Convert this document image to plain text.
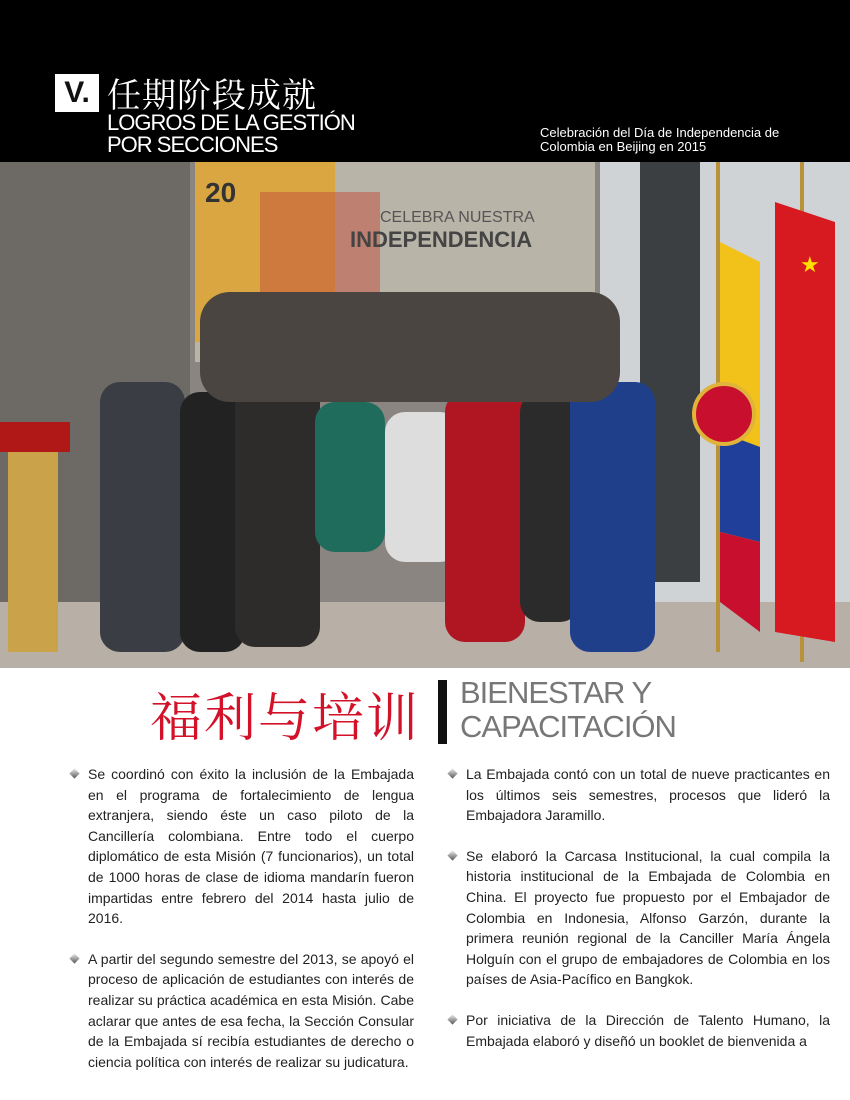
V. 任期阶段成就
LOGROS DE LA GESTIÓN
POR SECCIONES	Celebración del Día de Independencia de
Colombia en Beijing en 2015
CELEBRA NUESTRA
INDEPENDENCIA
20
★
福利与培训 BIENESTAR Y
CAPACITACIÓN
Se coordinó con éxito la inclusión de la Embajada en el programa de fortalecimiento de lengua extranjera, siendo éste un caso piloto de la Cancillería colombiana. Entre todo el cuerpo diplomático de esta Misión (7 funcionarios), un total de 1000 horas de clase de idioma mandarín fueron impartidas entre febrero del 2014 hasta julio de 2016.
A partir del segundo semestre del 2013, se apoyó el proceso de aplicación de estudiantes con interés de realizar su práctica académica en esta Misión. Cabe aclarar que antes de esa fecha, la Sección Consular de la Embajada sí recibía estudiantes de derecho o ciencia política con interés de realizar su judicatura.
La Embajada contó con un total de nueve practicantes en los últimos seis semestres, procesos que lideró la Embajadora Jaramillo.
Se elaboró la Carcasa Institucional, la cual compila la historia institucional de la Embajada de Colombia en China. El proyecto fue propuesto por el Embajador de Colombia en Indonesia, Alfonso Garzón, durante la primera reunión regional de la Canciller María Ángela Holguín con el grupo de embajadores de Colombia en los países de Asia-Pacífico en Bangkok.
Por iniciativa de la Dirección de Talento Humano, la Embajada elaboró y diseñó un booklet de bienvenida a
